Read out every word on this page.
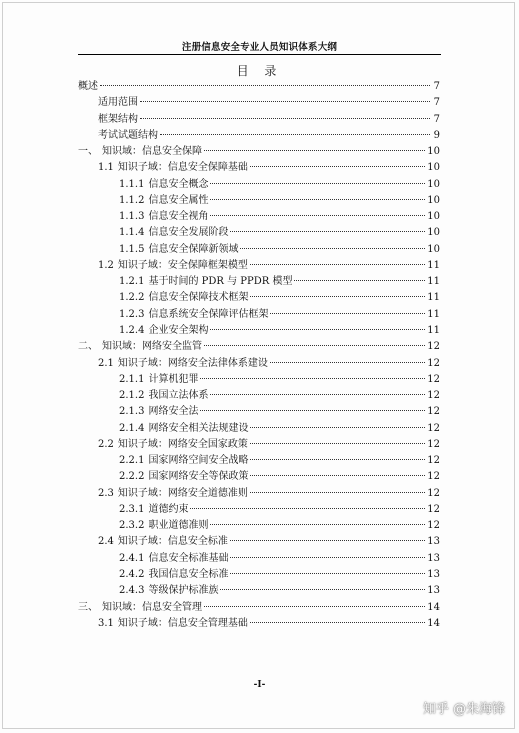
注册信息安全专业人员知识体系大纲
目 录
概述	7
适用范围	7
框架结构	7
考试试题结构	9
一、 知识域：信息安全保障	10
1.1 知识子域：信息安全保障基础	10
1.1.1 信息安全概念	10
1.1.2 信息安全属性	10
1.1.3 信息安全视角	10
1.1.4 信息安全发展阶段	10
1.1.5 信息安全保障新领域	10
1.2 知识子域：安全保障框架模型	11
1.2.1 基于时间的 PDR 与 PPDR 模型	11
1.2.2 信息安全保障技术框架	11
1.2.3 信息系统安全保障评估框架	11
1.2.4 企业安全架构	11
二、 知识域：网络安全监管	12
2.1 知识子域：网络安全法律体系建设	12
2.1.1 计算机犯罪	12
2.1.2 我国立法体系	12
2.1.3 网络安全法	12
2.1.4 网络安全相关法规建设	12
2.2 知识子域：网络安全国家政策	12
2.2.1 国家网络空间安全战略	12
2.2.2 国家网络安全等保政策	12
2.3 知识子域：网络安全道德准则	12
2.3.1 道德约束	12
2.3.2 职业道德准则	12
2.4 知识子域：信息安全标准	13
2.4.1 信息安全标准基础	13
2.4.2 我国信息安全标准	13
2.4.3 等级保护标准族	13
三、 知识域：信息安全管理	14
3.1 知识子域：信息安全管理基础	14
-I-
知乎 @朱海锋
